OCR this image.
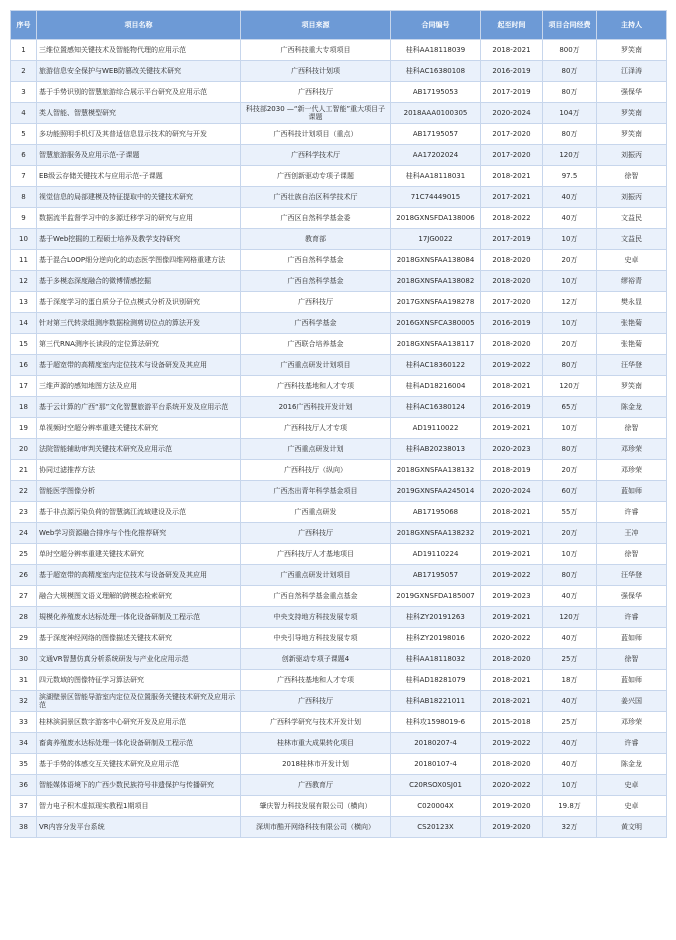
序号	项目名称	项目来源	合同编号	起至时间	项目合同经费	主持人
1	三维位置感知关键技术及智能物代理的应用示范	广西科技重大专项项目	桂科AA18118039	2018-2021	800万	罗笑南
2	旅游信息安全保护与WEB防篡改关键技术研究	广西科技计划项	桂科AC16380108	2016-2019	80万	江泽涛
3	基于手势识别的智慧旅游综合展示平台研究及应用示范	广西科技厅	AB17195053	2017-2019	80万	强保华
4	类人智能、智慧模型研究	科技部2030 —“新一代人工智能”重大项目子课题	2018AAA0100305	2020-2024	104万	罗笑南
5	多功能照明手机灯及其普适信息显示技术的研究与开发	广西科技计划项目（重点）	AB17195057	2017-2020	80万	罗笑南
6	智慧旅游服务及应用示范-子课题	广西科学技术厅	AA17202024	2017-2020	120万	刘振丙
7	EB级云存储关键技术与应用示范-子课题	广西创新驱动专项子课题	桂科AA18118031	2018-2021	97.5	徐智
8	视觉信息的局部建模及特征提取中的关键技术研究	广西壮族自治区科学技术厅	71C74449015	2017-2021	40万	刘振丙
9	数据流半监督学习中的多源迁移学习的研究与应用	广西区自然科学基金委	2018GXNSFDA138006	2018-2022	40万	文益民
10	基于Web挖掘的工程硕士培养及教学支持研究	教育部	17JG0022	2017-2019	10万	文益民
11	基于混合L0OP细分逆向化的动态医学图像四维网格重建方法	广西自然科学基金	2018GXNSFAA138084	2018-2020	20万	史卓
12	基于多模态深度融合的微博情感挖掘	广西自然科学基金	2018GXNSFAA138082	2018-2020	10万	缪裕青
13	基于深度学习的蛋白质分子位点模式分析及识别研究	广西科技厅	2017GXNSFAA198278	2017-2020	12万	樊永显
14	针对第三代转录组测序数据检测剪切位点的算法开发	广西科学基金	2016GXNSFCA380005	2016-2019	10万	张艳菊
15	第三代RNA测序长读段的定位算法研究	广西联合培养基金	2018GXNSFAA138117	2018-2020	20万	张艳菊
16	基于超宽带的高精度室内定位技术与设备研发及其应用	广西重点研发计划项目	桂科AC18360122	2019-2022	80万	汪华登
17	三维声源的感知地图方法及应用	广西科技基地和人才专项	桂科AD18216004	2018-2021	120万	罗笑南
18	基于云计算的广西“那”文化智慧旅游平台系统开发及应用示范	2016广西科技开发计划	桂科AC16380124	2016-2019	65万	陈金龙
19	单视频时空超分辨率重建关键技术研究	广西科技厅人才专项	AD19110022	2019-2021	10万	徐智
20	法院智能辅助审判关键技术研究及应用示范	广西重点研发计划	桂科AB20238013	2020-2023	80万	邓珍荣
21	协同过滤推荐方法	广西科技厅（纵向）	2018GXNSFAA138132	2018-2019	20万	邓珍荣
22	智能医学图像分析	广西杰出青年科学基金项目	2019GXNSFAA245014	2020-2024	60万	蓝如师
23	基于非点源污染负荷的智慧漓江流域建设及示范	广西重点研发	AB17195068	2018-2021	55万	许睿
24	Web学习资源融合排序与个性化推荐研究	广西科技厅	2018GXNSFAA138232	2019-2021	20万	王冲
25	单时空超分辨率重建关键技术研究	广西科技厅人才基地项目	AD19110224	2019-2021	10万	徐智
26	基于超宽带的高精度室内定位技术与设备研发及其应用	广西重点研发计划项目	AB17195057	2019-2022	80万	汪华登
27	融合大规模图文语义理解的跨模态检索研究	广西自然科学基金重点基金	2019GXNSFDA185007	2019-2023	40万	强保华
28	規模化养殖废水达标处理一体化设备研制及工程示范	中央支持地方科技发展专项	桂科ZY20191263	2019-2021	120万	许睿
29	基于深度神经网络的图像描述关键技术研究	中央引导地方科技发展专项	桂科ZY20198016	2020-2022	40万	蓝如师
30	文通VR智慧仿真分析系统研发与产业化应用示范	创新驱动专项子课题4	桂科AA18118032	2018-2020	25万	徐智
31	四元数域的图像特征学习算法研究	广西科技基地和人才专项	桂科AD18281079	2018-2021	18万	蓝如师
32	滨湖壁景区智能导游室内定位及位置服务关键技术研究及应用示范	广西科技厅	桂科AB18221011	2018-2021	40万	姜兴国
33	桂林滨洞景区数字游客中心研究开发及应用示范	广西科学研究与技术开发计划	桂科攻1598019-6	2015-2018	25万	邓珍荣
34	畜禽养殖废水达标处理一体化设备研制及工程示范	桂林市重大成果转化项目	20180207-4	2019-2022	40万	许睿
35	基于手势的体感交互关键技术研究及应用示范	2018桂林市开发计划	20180107-4	2018-2020	40万	陈金龙
36	智能媒体语境下的广西少数民族符号非遗保护与传播研究	广西教育厅	C20RSOX0SJ01	2020-2022	10万	史卓
37	智力电子积木虚拟现实教程1期项目	肇庆智力科技发展有限公司（横向）	C020004X	2019-2020	19.8万	史卓
38	VR内容分发平台系统	深圳市酷开网络科技有限公司（横向）	CS20123X	2019-2020	32万	黄文明
